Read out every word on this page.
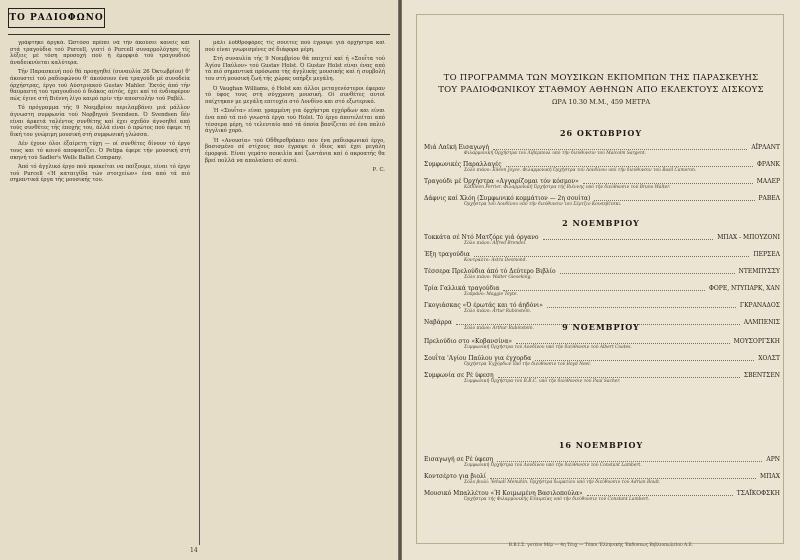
ΤΟ ΡΑΔΙΟΦΩΝΟ

γράφτηκε άργκά. Ώστόσο πρέπει νά τήν άκούσει κανείς καί στά τραγούδια τού Purcell, γιατί ό Purcell συναρμολόγησε τίς λέξεις μέ τόση προσοχή πού ή έμορφιά τού τραγουδιού άναδεικνύεται καλύτερα.

Τήν Παρασκευή πού θά προηγηθεί (συναυλία 26 Όκτωβρίου) θ' άκουστεί τού ραδιοφώνου θ' άκούσουν ένα τραγούδι μέ συνοδεία όρχήστρας, έργο τού Αύστριακού Gustav Mahler. Έκτός άπό τήν θαυμαστή τού τραγουδιού ό διάκος αύτός, έχει καί τό ένδιαφέρον πώς έγινε στή Βιέννη λίγο καιρό πρίν τήν αποστολήν τού Ραβέλ.

Τό πρόγραμμα τής 9 Νοεμβρίου περιλαμβάνει μιά μάλλον άγνωστη συμφωνία τού Νορβηγού Svendsen. Ό Svendsen δέν είναι άρκετά ταλέντος συνθέτης καί έχει σχεδόν άγνοηθεί από τούς συνθέτες τής έποχής του, άλλά είναι ό πρώτος πού έφερε τή δική του γνώριμη μουσική στή συμφωνική γλώσσα.

Δέν έχουν όλοι έξαίρετη τύχη — οί συνθέτες δίνουν τό έργο τους και τό κοινό αποφασίζει. Ό Petipa έφερε τήν μουσική στή σκηνή τού Sadler's Wells Ballet Company.

Άπό τό άγγλικό έργο πού προκείται να παίξουμε, είναι τό έργο τού Purcell «Ή καταιγίδα τών στοιχείων» ένα από τά πιό σημαντικά έργα τής μουσικής του.

μάλι λοδθροφόρες τίς σουΐτες πού έγραψε γιά όρχήστρα καί πού είναι γνωρισμένες σέ διάφορα μέρη.

Στή συναυλία τής 9 Νοεμβρίου θά παιχτεί καί ή «Σουΐτα τού Άγίου Παύλου» τού Gustav Holst. Ό Gustav Holst είναι ένας από τά πιό σημαντικά πρόσωπα τής άγγλικής μουσικής καί ή συμβολή του στή μουσική ζωή τής χώρας υπήρξε μεγάλη.

Ό Vaughan Williams, ό Holst και άλλοι μεταγενέστεροι έφεραν τό ύφος τους στή σύγχρονη μουσική. Οί συνθέτες αυτοί παίχτηκαν με μεγάλη επιτυχία στό Λονδίνο και στό εξωτερικό.

Ή «Σουΐτα» είναι γραμμένη για όρχήστρα εγχόρδων και είναι ένα από τά πιό γνωστά έργα τού Holst. Τό έργο άποτελείται από τέσσερα μέρη, τό τελευταίο από τά όποία βασίζεται σέ ένα παλιό άγγλικό χορό.

Ή «Ανουσία» τού Οδθεροθράκευ που ένα ραδιοφωνικό έργο, βασισμένο σέ στίχους που έγραψε ό ίδιος καί έχει μεγάλη έμορφιά. Είναι γεμάτο ποικιλία καί ζωντάνια καί ό ακροατής θα βρεί πολλά να απολαύσει σέ αυτό.

Ρ. C.
14
ΤΟ ΠΡΟΓΡΑΜΜΑ ΤΩΝ ΜΟΥΣΙΚΩΝ ΕΚΠΟΜΠΩΝ ΤΗΣ ΠΑΡΑΣΚΕΥΗΣ
ΤΟΥ ΡΑΔΙΟΦΩΝΙΚΟΥ ΣΤΑΘΜΟΥ ΑΘΗΝΩΝ ΑΠΟ ΕΚΛΕΚΤΟΥΣ ΔΙΣΚΟΥΣ
ΩΡΑ 10.30 Μ.Μ., 459 ΜΕΤΡΑ
Β.Β.Ι.Σ. γοτέου Μέρ — 4η Τέυχ — Τύποι Έλληνικής Έκδοσεως Βιβλιοπωλείου Α.Ε.
26 ΟΚΤΩΒΡΙΟΥ
Μιά Λαϊκή Εισαγωγή	ΑΪΡΛΑΝΤ
Φιλαρμονική Όρχήστρα τού Λίβερπουλ υπό τήν διεύθυνσιν τού Malcolm Sargent.
Συμφωνικές Παραλλαγές	ΦΡΑΝΚ
Σόλο πιάνο: Eileen Joyce. Φιλαρμονική Όρχήστρα τού Λονδίνου υπό τήν διεύθυνσιν τού Basil Cameron.
Τραγούδι μέ Όρχήστρα «Αγγαρίζομαι τόν κόσμον»	ΜΑΛΕΡ
Kathleen Ferrier. Φιλαρμονική Όρχήστρα τής Βιέννης υπό τήν διεύθυνσιν τού Bruno Walter.
Δάφνις καί Χλόη (Συμφωνικό κομμάτιον — 2η σουίτα)	ΡΑΒΕΛ
Όρχήστρα τού Λονδίνου υπό τήν διεύθυνσιν τού Σέρτζιο Κουσεβίτσκι.
2 ΝΟΕΜΒΡΙΟΥ
Τοκκάτα σέ Ντό Ματζόρε γιά όργανο	ΜΠΑΧ - ΜΠΟΥΖΟΝΙ
Σόλο πιάνο: Alfred Brendel.
Έξη τραγούδια	ΠΕΡΣΕΛ
Κοντραλτο: Astra Desmond.
Τέσσερα Πρελούδια άπό τό Δεύτερο Βιβλίο	ΝΤΕΜΠΥΣΣΥ
Σόλο πιάνο: Walter Gieseking.
Τρία Γαλλικά τραγούδια	ΦΟΡΕ, ΝΤΥΠΑΡΚ, ΧΑΝ
Σοπράνο: Maggie Teyte.
Γκογιάσκας «Ό έρωτάς και τό άηδόνι»	ΓΚΡΑΝΑΔΟΣ
Σόλο πιάνο: Artur Rubinstein.
Ναβάρρα	ΑΛΜΠΕΝΙΣ
Σόλο πιάνο: Arthur Rubinstein.	9 ΝΟΕΜΒΡΙΟΥ
Πρελούδιο στο «Κοβανσίνα»	ΜΟΥΣΟΡΓΣΚΗ
Συμφωνική Όρχήστρα τού Λονδίνου υπό τήν διεύθυνσιν τού Albert Coates.
Σουΐτα 'Αγίου Παύλου για έγχορδα	ΧΟΛΣΤ
Όρχήστρα Έγχόρδων υπό τήν διεύθυνσιν τού Boyd Neel.
Συμφωνία σε Ρέ ύφεση	ΣΒΕΝΤΣΕΝ
Συμφωνική Όρχήστρα τού B.B.C. υπό τήν διεύθυνσιν τού Paul Sacher.
16 ΝΟΕΜΒΡΙΟΥ
Εισαγωγή σε Ρέ ύφεση	ΑΡΝ
Συμφωνική Όρχήστρα τού Λονδίνου υπό τήν διεύθυνσιν τού Constant Lambert.
Κοντσέρτο για βιολί	ΜΠΑΧ
Σόλο βιολί: Yehudi Menuhin. Όρχήστρα δωματίου υπό τήν διεύθυνσιν τού Adrian Boult.
Μουσικό Μπαλλέτου «Ή Κοιμωμένη Βασιλοπούλα»	ΤΣΑΪΚΟΦΣΚΗ
Όρχήστρα τής Φιλαρμονικής Εταιρείας υπό τήν διεύθυνσιν τού Constant Lambert.
